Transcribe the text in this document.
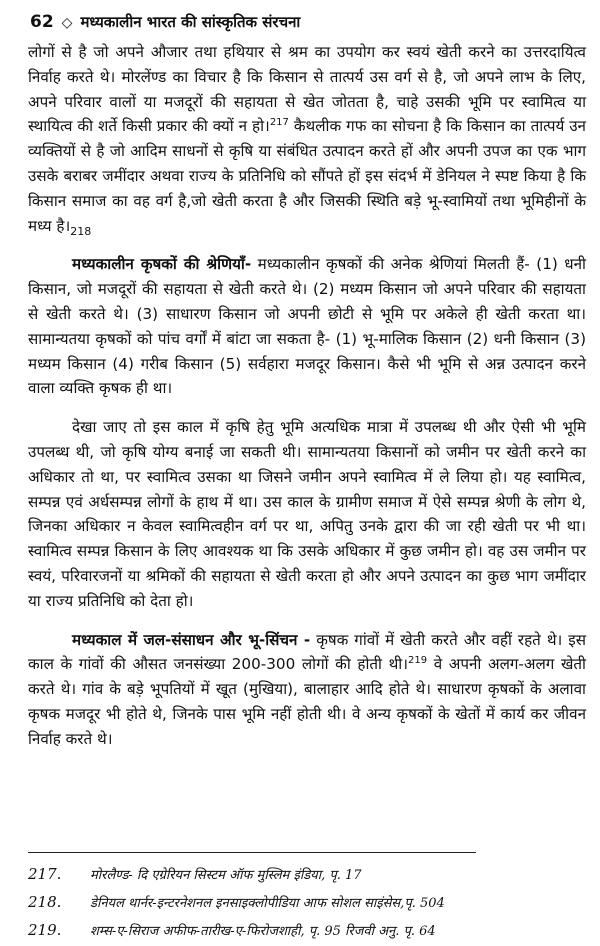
62 ◇ मध्यकालीन भारत की सांस्कृतिक संरचना

लोगों से है जो अपने औजार तथा हथियार से श्रम का उपयोग कर स्वयं खेती करने का उत्तरदायित्व निर्वाह करते थे। मोरलेंण्ड का विचार है कि किसान से तात्पर्य उस वर्ग से है, जो अपने लाभ के लिए, अपने परिवार वालों या मजदूरों की सहायता से खेत जोतता है, चाहे उसकी भूमि पर स्वामित्व या स्थायित्व की शर्ते किसी प्रकार की क्यों न हो।$^{217}$ कैथलीक गफ का सोचना है कि किसान का तात्पर्य उन व्यक्तियों से है जो आदिम साधनों से कृषि या संबंधित उत्पादन करते हों और अपनी उपज का एक भाग उसके बराबर जमींदार अथवा राज्य के प्रतिनिधि को सौंपते हों इस संदर्भ में डेनियल ने स्पष्ट किया है कि किसान समाज का वह वर्ग है,जो खेती करता है और जिसकी स्थिति बड़े भू-स्वामियों तथा भूमिहीनों के मध्य $है।_{218}$

मध्यकालीन कृषकों की श्रेणियाँ- मध्यकालीन कृषकों की अनेक श्रेणियां मिलती हैं- (1) धनी किसान, जो मजदूरों की सहायता से खेती करते थे। (2) मध्यम किसान जो अपने परिवार की सहायता से खेती करते थे। (3) साधारण किसान जो अपनी छोटी से भूमि पर अकेले ही खेती करता था। सामान्यतया कृषकों को पांच वर्गों में बांटा जा सकता है- (1) भू-मालिक किसान (2) धनी किसान (3) मध्यम किसान (4) गरीब किसान (5) सर्वहारा मजदूर किसान। कैसे भी भूमि से अन्न उत्पादन करने वाला व्यक्ति कृषक ही था।

देखा जाए तो इस काल में कृषि हेतु भूमि अत्यधिक मात्रा में उपलब्ध थी और ऐसी भी भूमि उपलब्ध थी, जो कृषि योग्य बनाई जा सकती थी। सामान्यतया किसानों को जमीन पर खेती करने का अधिकार तो था, पर स्वामित्व उसका था जिसने जमीन अपने स्वामित्व में ले लिया हो। यह स्वामित्व, सम्पन्न एवं अर्धसम्पन्न लोगों के हाथ में था। उस काल के ग्रामीण समाज में ऐसे सम्पन्न श्रेणी के लोग थे, जिनका अधिकार न केवल स्वामित्वहीन वर्ग पर था, अपितु उनके द्वारा की जा रही खेती पर भी था। स्वामित्व सम्पन्न किसान के लिए आवश्यक था कि उसके अधिकार में कुछ जमीन हो। वह उस जमीन पर स्वयं, परिवारजनों या श्रमिकों की सहायता से खेती करता हो और अपने उत्पादन का कुछ भाग जमींदार या राज्य प्रतिनिधि को देता हो।

मध्यकाल में जल-संसाधन और भू-सिंचन - कृषक गांवों में खेती करते और वहीं रहते थे। इस काल के गांवों की औसत जनसंख्या 200-300 लोगों की होती थी।$^{219}$ वे अपनी अलग-अलग खेती करते थे। गांव के बड़े भूपतियों में खूत (मुखिया), बालाहार आदि होते थे। साधारण कृषकों के अलावा कृषक मजदूर भी होते थे, जिनके पास भूमि नहीं होती थी। वे अन्य कृषकों के खेतों में कार्य कर जीवन निर्वाह करते थे।

217.	मोरलैण्ड- दि एग्रेरियन सिस्टम ऑफ मुस्लिम इंडिया, पृ. 17
218.	डेनियल थार्नर-इन्टरनेशनल इनसाइक्लोपीडिया आफ सोशल साइंसेस,पृ. 504
219.	शम्स-ए-सिराज अफीफ-तारीख-ए-फिरोजशाही, पृ. 95 रिजवी अनु. पृ. 64
